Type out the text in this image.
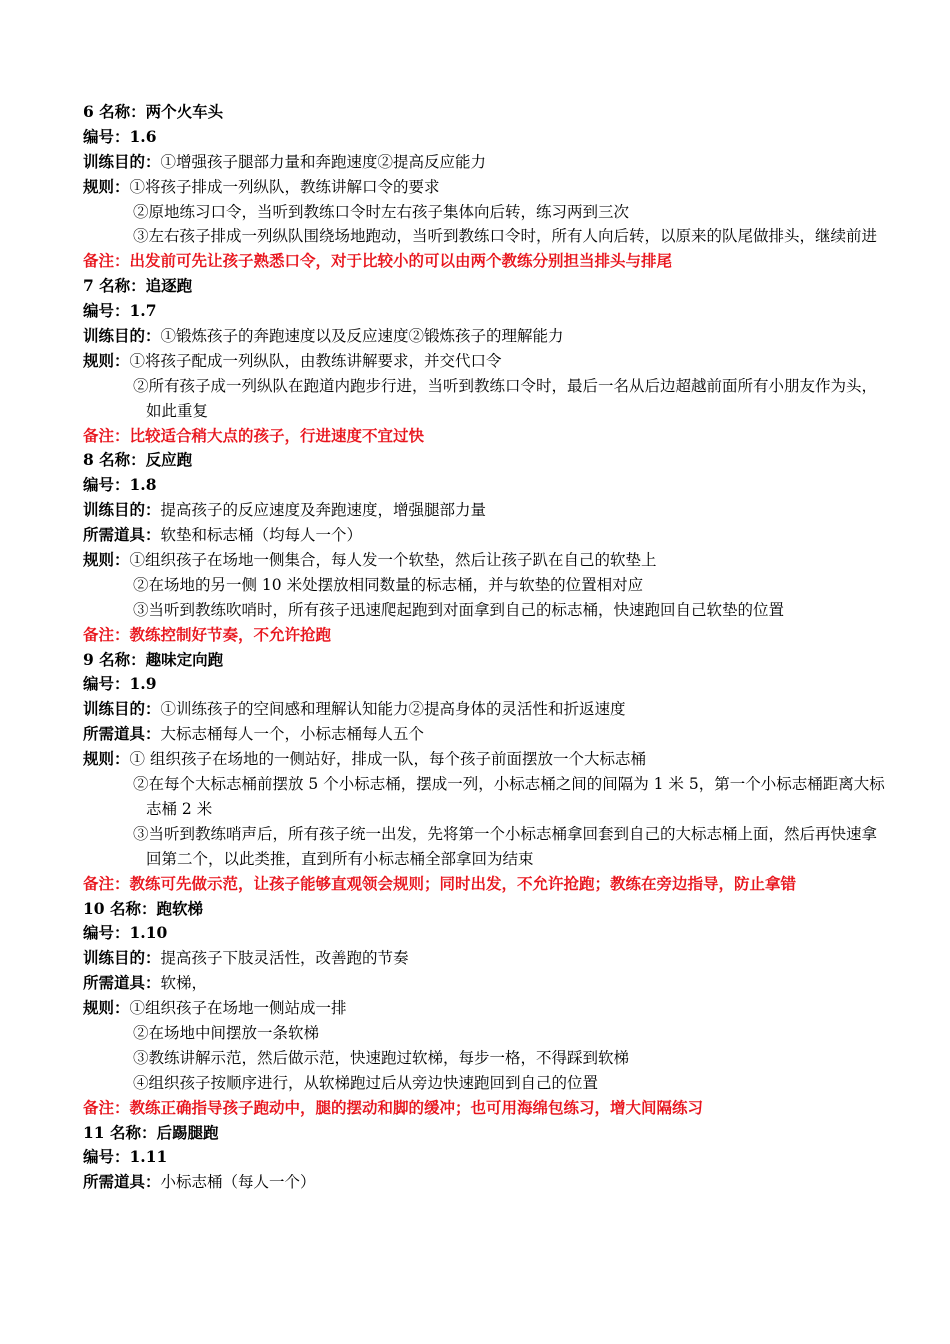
6 名称：两个火车头
编号：1.6
训练目的：①增强孩子腿部力量和奔跑速度②提高反应能力
规则：①将孩子排成一列纵队，教练讲解口令的要求
②原地练习口令，当听到教练口令时左右孩子集体向后转，练习两到三次
③左右孩子排成一列纵队围绕场地跑动，当听到教练口令时，所有人向后转，以原来的队尾做排头，继续前进
备注：出发前可先让孩子熟悉口令，对于比较小的可以由两个教练分别担当排头与排尾
7 名称：追逐跑
编号：1.7
训练目的：①锻炼孩子的奔跑速度以及反应速度②锻炼孩子的理解能力
规则：①将孩子配成一列纵队，由教练讲解要求，并交代口令
②所有孩子成一列纵队在跑道内跑步行进，当听到教练口令时，最后一名从后边超越前面所有小朋友作为头，
如此重复
备注：比较适合稍大点的孩子，行进速度不宜过快
8 名称：反应跑
编号：1.8
训练目的：提高孩子的反应速度及奔跑速度，增强腿部力量
所需道具：软垫和标志桶（均每人一个）
规则：①组织孩子在场地一侧集合，每人发一个软垫，然后让孩子趴在自己的软垫上
②在场地的另一侧 10 米处摆放相同数量的标志桶，并与软垫的位置相对应
③当听到教练吹哨时，所有孩子迅速爬起跑到对面拿到自己的标志桶，快速跑回自己软垫的位置
备注：教练控制好节奏，不允许抢跑
9 名称：趣味定向跑
编号：1.9
训练目的：①训练孩子的空间感和理解认知能力②提高身体的灵活性和折返速度
所需道具：大标志桶每人一个，小标志桶每人五个
规则：① 组织孩子在场地的一侧站好，排成一队，每个孩子前面摆放一个大标志桶
②在每个大标志桶前摆放 5 个小标志桶，摆成一列，小标志桶之间的间隔为 1 米 5，第一个小标志桶距离大标
志桶 2 米
③当听到教练哨声后，所有孩子统一出发，先将第一个小标志桶拿回套到自己的大标志桶上面，然后再快速拿
回第二个，以此类推，直到所有小标志桶全部拿回为结束
备注：教练可先做示范，让孩子能够直观领会规则；同时出发，不允许抢跑；教练在旁边指导，防止拿错
10 名称：跑软梯
编号：1.10
训练目的：提高孩子下肢灵活性，改善跑的节奏
所需道具：软梯，
规则：①组织孩子在场地一侧站成一排
②在场地中间摆放一条软梯
③教练讲解示范，然后做示范，快速跑过软梯，每步一格，不得踩到软梯
④组织孩子按顺序进行，从软梯跑过后从旁边快速跑回到自己的位置
备注：教练正确指导孩子跑动中，腿的摆动和脚的缓冲；也可用海绵包练习，增大间隔练习
11 名称：后踢腿跑
编号：1.11
所需道具：小标志桶（每人一个）
